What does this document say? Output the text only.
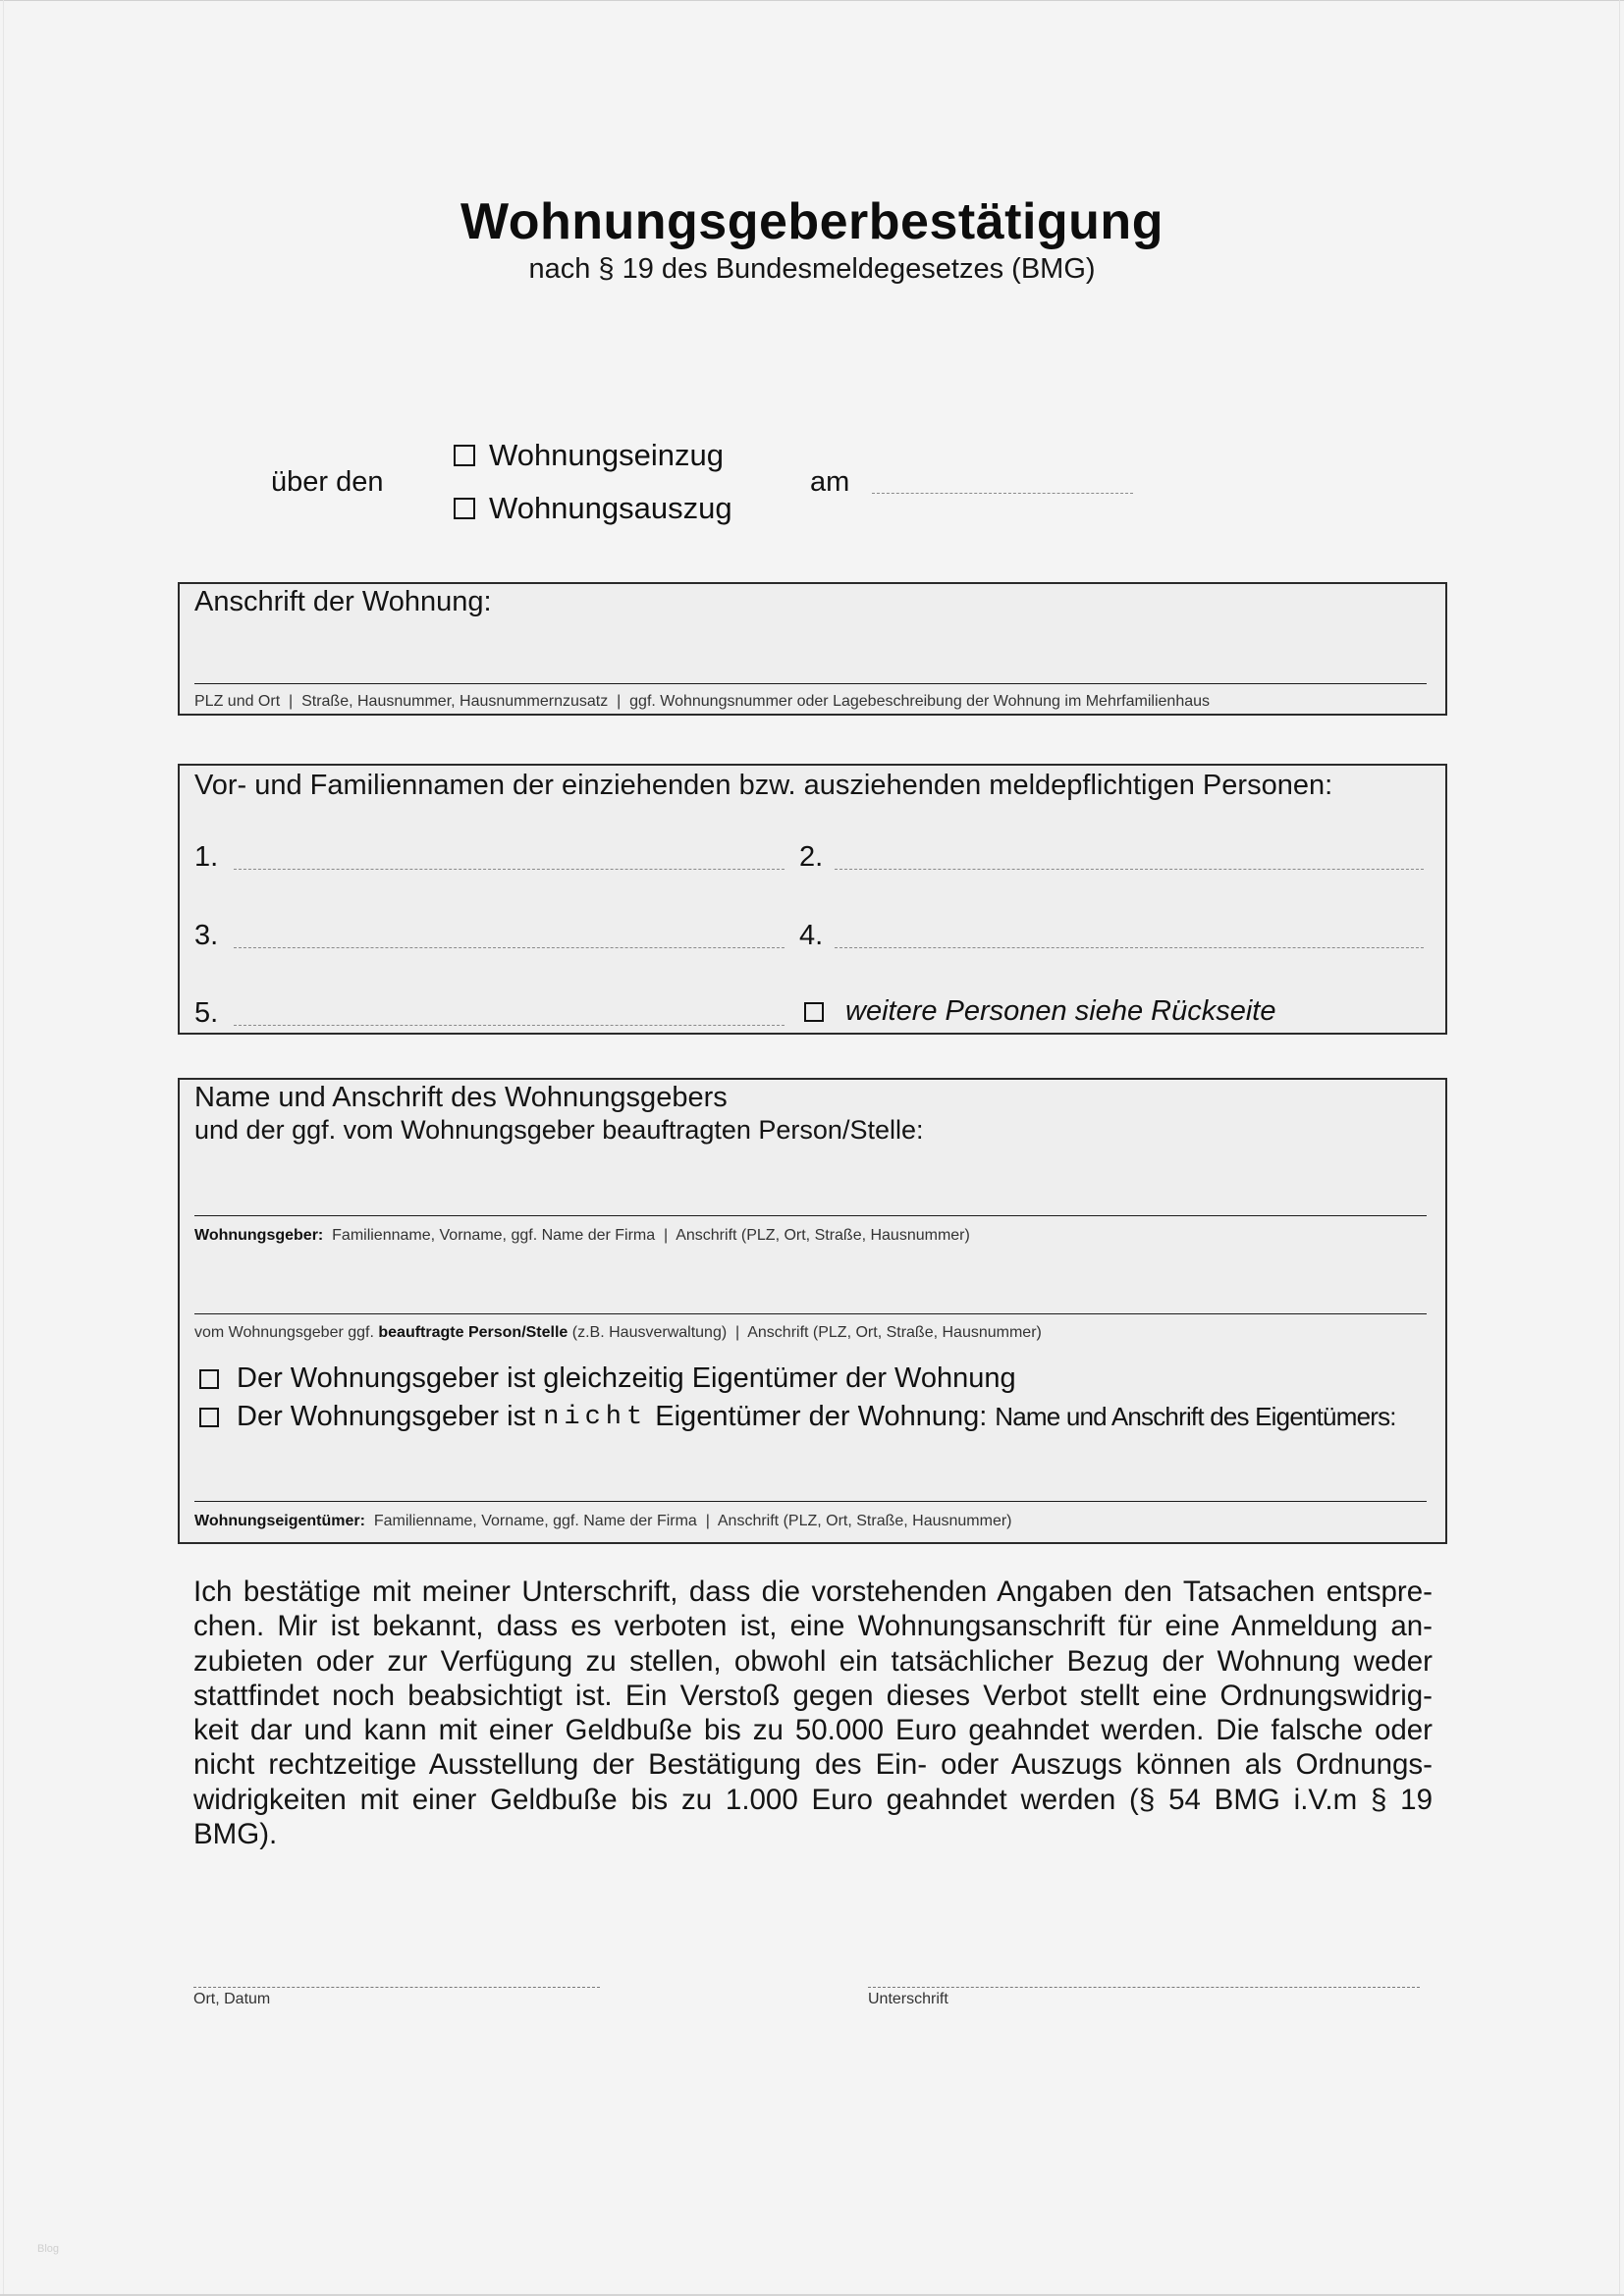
Wohnungsgeberbestätigung
nach § 19 des Bundesmeldegesetzes (BMG)
über den
Wohnungseinzug
Wohnungsauszug
am
Anschrift der Wohnung:
PLZ und Ort  |  Straße, Hausnummer, Hausnummernzusatz  |  ggf. Wohnungsnummer oder Lagebeschreibung der Wohnung im Mehrfamilienhaus
Vor- und Familiennamen der einziehenden bzw. ausziehenden meldepflichtigen Personen:
1.	2.
3.	4.
5.	weitere Personen siehe Rückseite
Name und Anschrift des Wohnungsgebers
und der ggf. vom Wohnungsgeber beauftragten Person/Stelle:
Wohnungsgeber: Familienname, Vorname, ggf. Name der Firma  |  Anschrift (PLZ, Ort, Straße, Hausnummer)
vom Wohnungsgeber ggf. beauftragte Person/Stelle (z.B. Hausverwaltung)  |  Anschrift (PLZ, Ort, Straße, Hausnummer)
Der Wohnungsgeber ist gleichzeitig Eigentümer der Wohnung
Der Wohnungsgeber ist nicht Eigentümer der Wohnung: Name und Anschrift des Eigentümers:
Wohnungseigentümer: Familienname, Vorname, ggf. Name der Firma  |  Anschrift (PLZ, Ort, Straße, Hausnummer)
Ich bestätige mit meiner Unterschrift, dass die vorstehenden Angaben den Tatsachen entspre-
chen. Mir ist bekannt, dass es verboten ist, eine Wohnungsanschrift für eine Anmeldung an-
zubieten oder zur Verfügung zu stellen, obwohl ein tatsächlicher Bezug der Wohnung weder
stattfindet noch beabsichtigt ist. Ein Verstoß gegen dieses Verbot stellt eine Ordnungswidrig-
keit dar und kann mit einer Geldbuße bis zu 50.000 Euro geahndet werden. Die falsche oder
nicht rechtzeitige Ausstellung der Bestätigung des Ein- oder Auszugs können als Ordnungs-
widrigkeiten mit einer Geldbuße bis zu 1.000 Euro geahndet werden (§ 54 BMG i.V.m § 19
BMG).
Ort, Datum	Unterschrift
Blog
